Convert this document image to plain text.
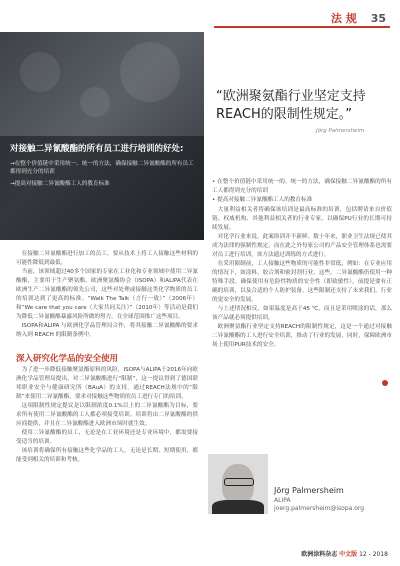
法 规 35
对接触二异氰酸酯的所有员工进行培训的好处:
→在整个价值链中采用统一、统一的方法，确保接触二异氰酸酯的所有员工都得到充分的培训
→提高对接触二异氰酸酯工人的教育标准
“欧洲聚氨酯行业坚定支持REACH的限制性规定。”
Jörg Palmersheim

• 在整个价值链中采用统一的、统一的方法，确保接触二异氰酸酯的所有工人都得到充分的培训

• 提高对接触二异氰酸酯工人的教育标准

大量利益相关者将确保该培训是最高标准的培训，包括聘请来自价值链、权威机构、其他利益相关者的行业专家，以确保PU行业的长期可持续发展。

对化学行业来说，此案络训并不新鲜。数十年来，职业卫生法规已使其成为法律的强制性规定，而在此之外每家公司的产品安全管理体系也需要对员工进行培训，该方法通过训练的方式进行。

在采用限制前，工人接触这些物质的可能性非常低，例如：在专业应用的情况下，如涂料、胶合剂和密封剂行业。这些，二异氰酸酯仍使用一种特殊手段。确保使用有危险性物质的安全性（即致敏性），前提是要有正确的培训，以及合适的个人防护装备。这些限制还支持了未来我们，行业的更安全的发展。

与上述情况相反，如果温度是高于45 ℃，而且是采用喷涂的话，那么该产品就必须提供培训。

欧洲聚氨酯行业坚定支持REACH的限制性规定，这是一个通过对接触二异氰酸酯的工人进行安全培训，推动了行业的发展，同时，保障欧洲市场上使用PUR技术的安全。

在接触二异氰酸酯进行加工的员工，要从技术上将工人接触这些材料的可能性降低到最低。

当前，该领域超过40多个国家的专家在工业化和专业领域中使用二异氰酸酯，主要用于生产聚氨酯。欧洲聚氨酯协会（ISOPA）和ALIPA代表在欧洲生产二异氰酸酯的领先公司，这些对处理或接触这类化学物质的员工的培训达到了更高的标准。“Walk The Talk（言行一致）”（2006年）和“We care that you care（大家共同关注）”（2010年）等活动是我们为降低二异氰酸酯暴露风险所做的努力，在全球范围推广这些项目。

ISOPA和ALIPA 与欧洲化学品管理局合作，将其接触二异氰酸酯的要求纳入到 REACH 的限制条例中。

深入研究化学品的安全使用

为了进一步降低接触聚氨酯原料的风险，ISOPA与ALIPA于2016年向欧洲化学品管理局提出，对二异氰酸酯进行“限制”，这一提议得到了德国联邦职业安全与健康研究所（BAuA）的支持。通过REACH法规中的“限制”来使用二异氰酸酯，要求对接触这些物质的员工进行专门的培训。

这项限制性规定提议是以限制浓度0.1%以上的二异氰酸酯为目标，要求所有使用二异氰酸酯的工人都必须接受培训。培训将由二异氰酸酯的供应商提供，并且在二异氰酸酯进入欧洲市场时就生效。

使用二异氰酸酯的员工，无论是在工业环境还是专业环境中，都需要接受适当的培训。

该培训将确保所有接触这些化学品的工人，无论是长期、短期使用，都能受到相关的培训和考核。

Jörg Palmersheim
ALIPA
joerg.palmersheim@isopa.org
欧洲涂料杂志 中文版 12 - 2018
